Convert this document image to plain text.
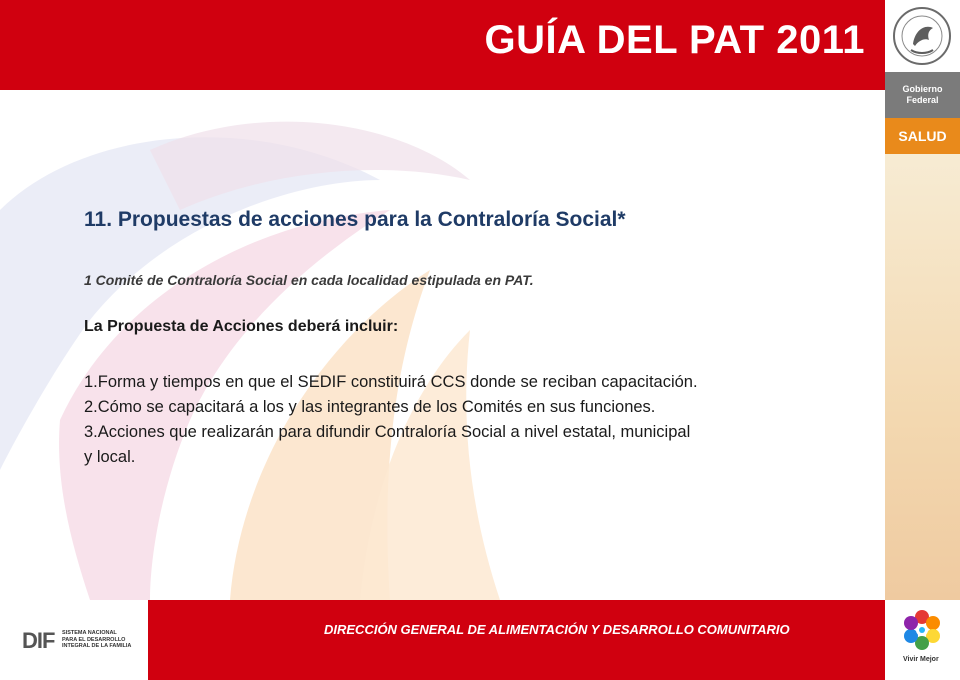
GUÍA DEL PAT 2011
Gobierno
Federal
SALUD
11. Propuestas de acciones para la Contraloría Social*
1 Comité de Contraloría Social en cada localidad estipulada en PAT.
La Propuesta de Acciones deberá incluir:
1.Forma y tiempos en que el SEDIF constituirá CCS donde se reciban capacitación.
2.Cómo se capacitará a los y las integrantes de los Comités en sus funciones.
3.Acciones que realizarán para difundir Contraloría Social a nivel estatal, municipal
y local.
DIF SISTEMA NACIONAL
PARA EL DESARROLLO
INTEGRAL DE LA FAMILIA
DIRECCIÓN GENERAL DE ALIMENTACIÓN Y DESARROLLO COMUNITARIO
Vivir Mejor
